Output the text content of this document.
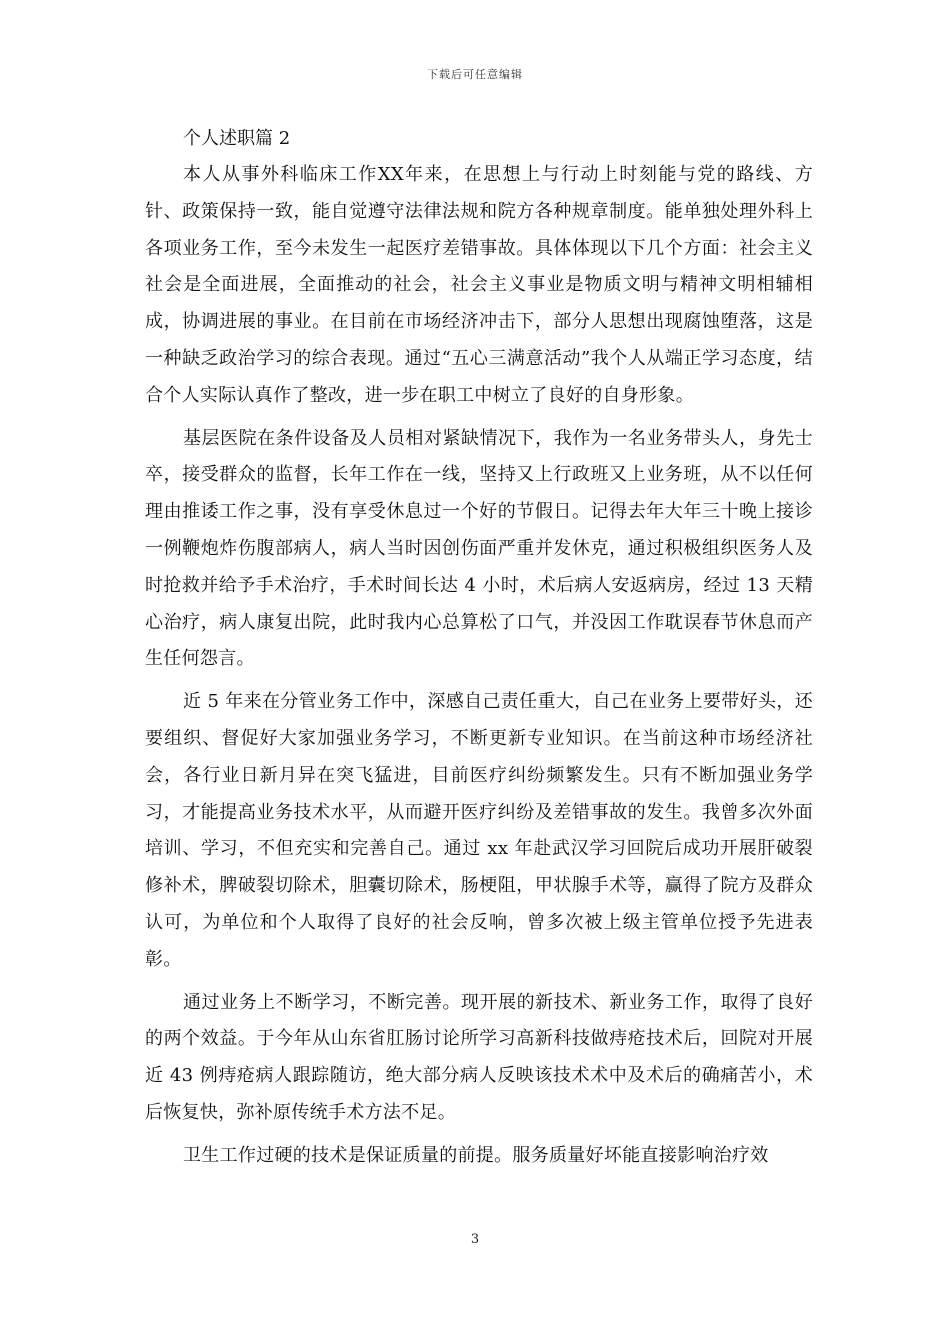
下载后可任意编辑

个人述职篇 2

本人从事外科临床工作XX年来，在思想上与行动上时刻能与党的路线、方针、政策保持一致，能自觉遵守法律法规和院方各种规章制度。能单独处理外科上各项业务工作，至今未发生一起医疗差错事故。具体体现以下几个方面：社会主义社会是全面进展，全面推动的社会，社会主义事业是物质文明与精神文明相辅相成，协调进展的事业。在目前在市场经济冲击下，部分人思想出现腐蚀堕落，这是一种缺乏政治学习的综合表现。通过“五心三满意活动”我个人从端正学习态度，结合个人实际认真作了整改，进一步在职工中树立了良好的自身形象。

基层医院在条件设备及人员相对紧缺情况下，我作为一名业务带头人，身先士卒，接受群众的监督，长年工作在一线，坚持又上行政班又上业务班，从不以任何理由推诿工作之事，没有享受休息过一个好的节假日。记得去年大年三十晚上接诊一例鞭炮炸伤腹部病人，病人当时因创伤面严重并发休克，通过积极组织医务人及时抢救并给予手术治疗，手术时间长达 4 小时，术后病人安返病房，经过 13 天精心治疗，病人康复出院，此时我内心总算松了口气，并没因工作耽误春节休息而产生任何怨言。

近 5 年来在分管业务工作中，深感自己责任重大，自己在业务上要带好头，还要组织、督促好大家加强业务学习，不断更新专业知识。在当前这种市场经济社会，各行业日新月异在突飞猛进，目前医疗纠纷频繁发生。只有不断加强业务学习，才能提高业务技术水平，从而避开医疗纠纷及差错事故的发生。我曾多次外面培训、学习，不但充实和完善自己。通过 xx 年赴武汉学习回院后成功开展肝破裂修补术，脾破裂切除术，胆囊切除术，肠梗阻，甲状腺手术等，赢得了院方及群众认可，为单位和个人取得了良好的社会反响，曾多次被上级主管单位授予先进表彰。

通过业务上不断学习，不断完善。现开展的新技术、新业务工作，取得了良好的两个效益。于今年从山东省肛肠讨论所学习高新科技做痔疮技术后，回院对开展近 43 例痔疮病人跟踪随访，绝大部分病人反映该技术术中及术后的确痛苦小，术后恢复快，弥补原传统手术方法不足。

卫生工作过硬的技术是保证质量的前提。服务质量好坏能直接影响治疗效

3
